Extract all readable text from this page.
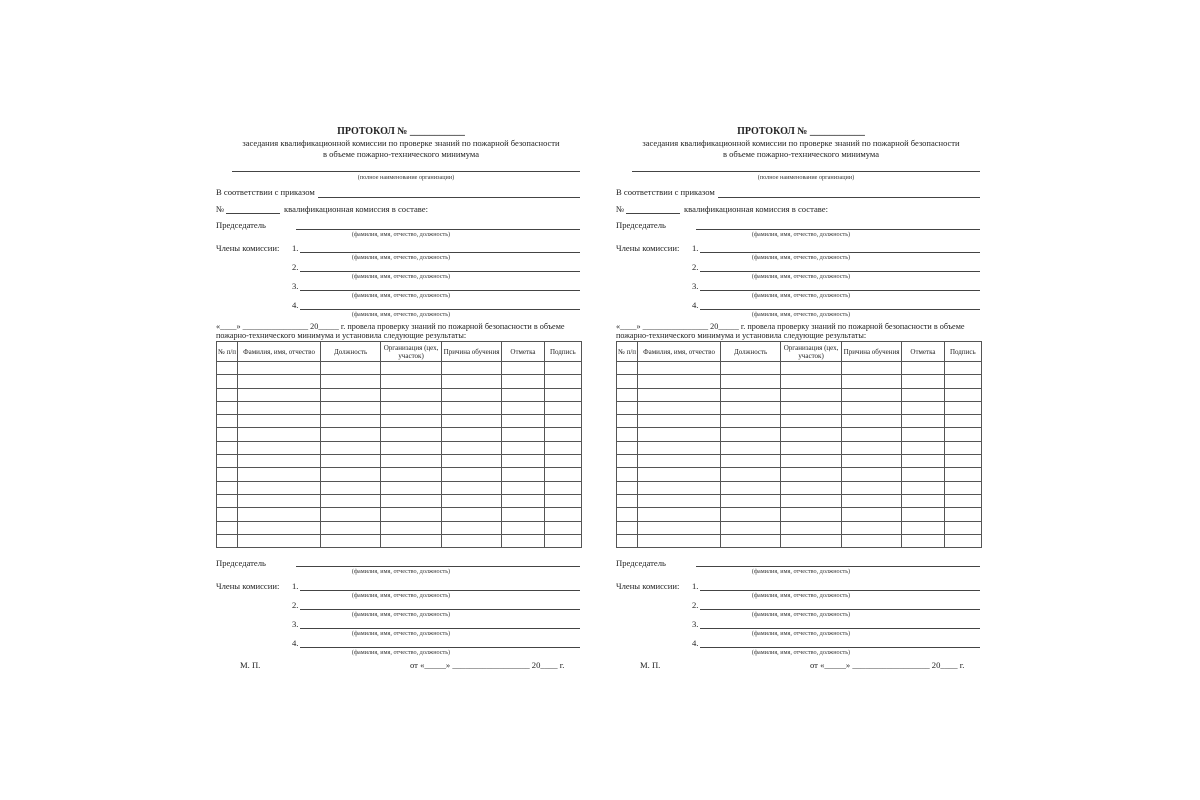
ПРОТОКОЛ № ___________
заседания квалификационной комиссии по проверке знаний по пожарной безопасности
в объеме пожарно-технического минимума
(полное наименование организации)
В соответствии с приказом
№	квалификационная комиссия в составе:
Председатель
(фамилия, имя, отчество, должность)
Члены комиссии:
«____» ________________ 20_____ г. провела проверку знаний по пожарной безопасности в объеме
пожарно-технического минимума и установила следующие результаты:
№ п/п	Фамилия, имя, отчество	Должность	Организация (цех, участок)	Причина обучения	Отметка	Подпись

Председатель
(фамилия, имя, отчество, должность)
Члены комиссии:
М. П.	от «_____» __________________ 20____ г.
1.
(фамилия, имя, отчество, должность)
2.
(фамилия, имя, отчество, должность)
3.
(фамилия, имя, отчество, должность)
4.
(фамилия, имя, отчество, должность)
1.
(фамилия, имя, отчество, должность)
2.
(фамилия, имя, отчество, должность)
3.
(фамилия, имя, отчество, должность)
4.
(фамилия, имя, отчество, должность)
ПРОТОКОЛ № ___________
заседания квалификационной комиссии по проверке знаний по пожарной безопасности
в объеме пожарно-технического минимума
(полное наименование организации)
В соответствии с приказом
№	квалификационная комиссия в составе:
Председатель
(фамилия, имя, отчество, должность)
Члены комиссии:
«____» ________________ 20_____ г. провела проверку знаний по пожарной безопасности в объеме
пожарно-технического минимума и установила следующие результаты:
№ п/п	Фамилия, имя, отчество	Должность	Организация (цех, участок)	Причина обучения	Отметка	Подпись

Председатель
(фамилия, имя, отчество, должность)
Члены комиссии:
М. П.	от «_____» __________________ 20____ г.
1.
(фамилия, имя, отчество, должность)
2.
(фамилия, имя, отчество, должность)
3.
(фамилия, имя, отчество, должность)
4.
(фамилия, имя, отчество, должность)
1.
(фамилия, имя, отчество, должность)
2.
(фамилия, имя, отчество, должность)
3.
(фамилия, имя, отчество, должность)
4.
(фамилия, имя, отчество, должность)
